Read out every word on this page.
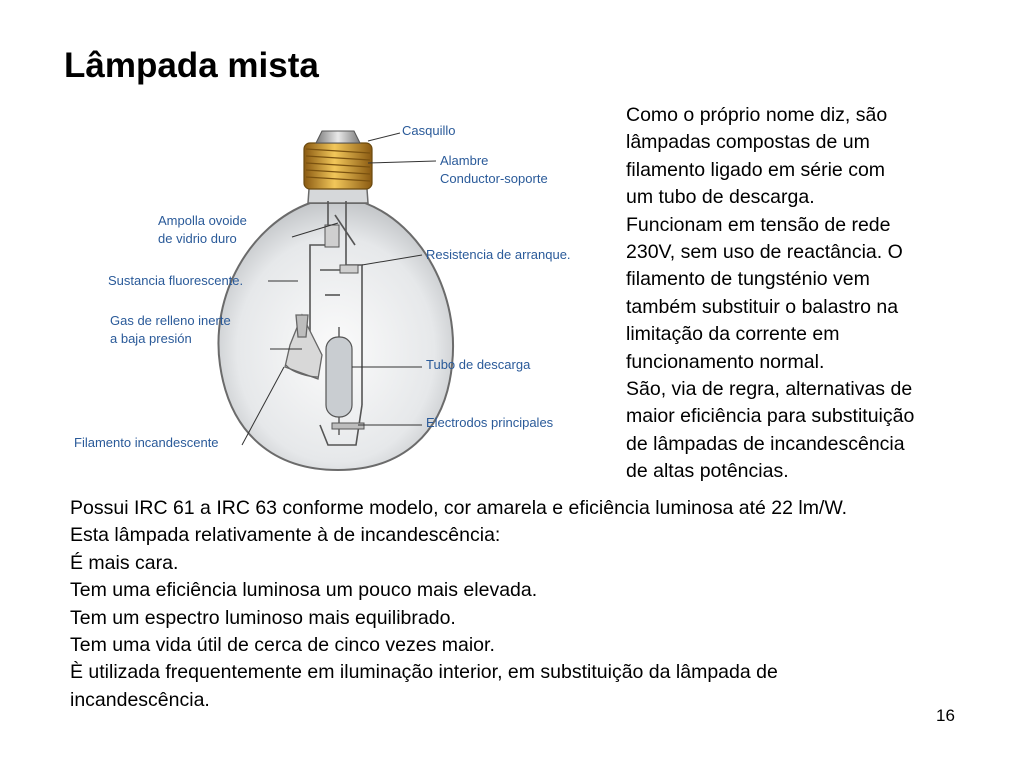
Lâmpada mista
Casquillo
Alambre
Conductor-soporte
Ampolla ovoide
de vidrio duro
Resistencia de arranque.
Sustancia fluorescente.
Gas de relleno inerte
a baja presión
Tubo de descarga
Electrodos principales
Filamento incandescente
Como o próprio nome diz, são
lâmpadas compostas de um
filamento ligado em série com
um tubo de descarga.
Funcionam em tensão de rede
230V, sem uso de reactância. O
filamento de tungsténio vem
também substituir o balastro na
limitação da corrente em
funcionamento normal.
São, via de regra, alternativas de
maior eficiência para substituição
de lâmpadas de incandescência
de altas potências.
Possui IRC 61 a IRC 63 conforme modelo, cor amarela e eficiência luminosa até 22 lm/W.
Esta lâmpada relativamente à de incandescência:
É mais cara.
Tem uma eficiência luminosa um pouco mais elevada.
Tem um espectro luminoso mais equilibrado.
Tem uma vida útil de cerca de cinco vezes maior.
È utilizada frequentemente em iluminação interior, em substituição da lâmpada de
incandescência.
16
